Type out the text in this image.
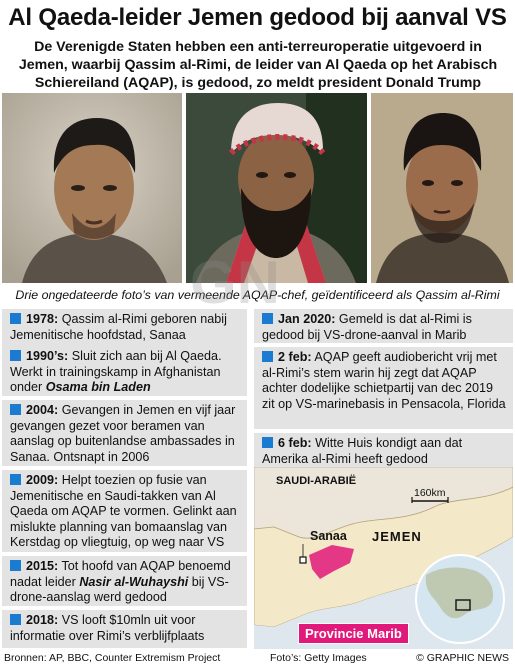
Al Qaeda-leider Jemen gedood bij aanval VS
De Verenigde Staten hebben een anti-terreuroperatie uitgevoerd in Jemen, waarbij Qassim al-Rimi, de leider van Al Qaeda op het Arabisch Schiereiland (AQAP), is gedood, zo meldt president Donald Trump
Drie ongedateerde foto’s van vermeende AQAP-chef, geïdentificeerd als Qassim al-Rimi
1978: Qassim al-Rimi geboren nabij Jemenitische hoofdstad, Sanaa
1990’s: Sluit zich aan bij Al Qaeda. Werkt in trainingskamp in Afghanistan onder Osama bin Laden
2004: Gevangen in Jemen en vijf jaar gevangen gezet voor beramen van aanslag op buitenlandse ambassades in Sanaa. Ontsnapt in 2006
2009: Helpt toezien op fusie van Jemenitische en Saudi-takken van Al Qaeda om AQAP te vormen. Gelinkt aan mislukte planning van bomaanslag van Kerstdag op vliegtuig, op weg naar VS
2015: Tot hoofd van AQAP benoemd nadat leider Nasir al-Wuhayshi bij VS-drone-aanslag werd gedood
2018: VS looft $10mln uit voor informatie over Rimi’s verblijfplaats
Jan 2020: Gemeld is dat al-Rimi is gedood bij VS-drone-aanval in Marib
2 feb: AQAP geeft audiobericht vrij met al-Rimi’s stem warin hij zegt dat AQAP achter dodelijke schietpartij van dec 2019 zit op VS-marinebasis in Pensacola, Florida
6 feb: Witte Huis kondigt aan dat Amerika al-Rimi heeft gedood
SAUDI-ARABIË
Sanaa JEMEN
160km
Provincie Marib
GN
Bronnen: AP, BBC, Counter Extremism Project	Foto’s: Getty Images	© GRAPHIC NEWS
